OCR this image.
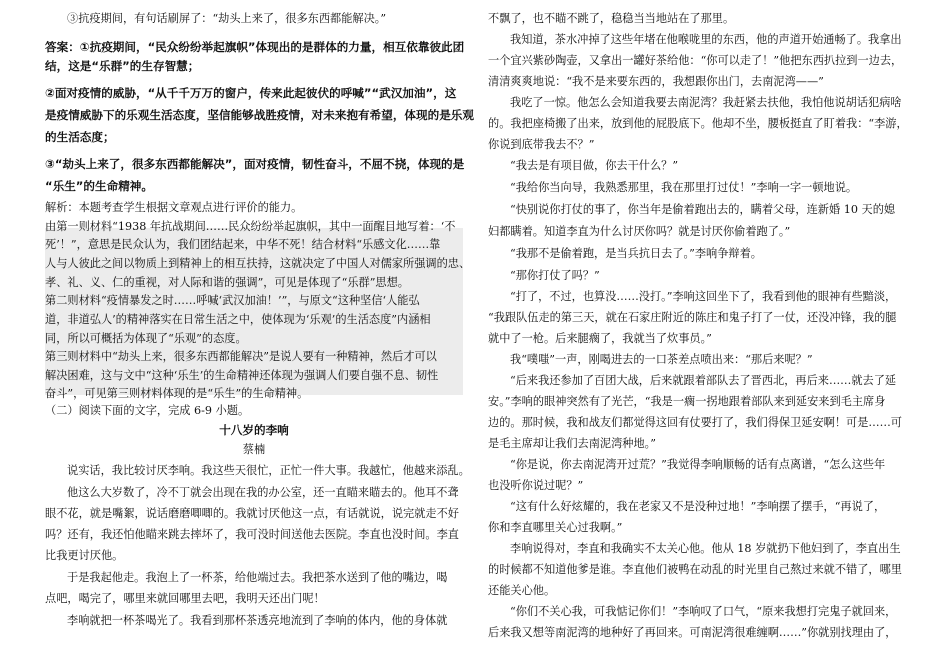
③抗疫期间，有句话刷屏了：“劫头上来了，很多东西都能解决。”
答案：①抗疫期间，“民众纷纷举起旗帜”体现出的是群体的力量，相互依靠彼此团
结，这是“乐群”的生存智慧；
②面对疫情的威胁，“从千千万万的窗户，传来此起彼伏的呼喊”“武汉加油”，这
是疫情威胁下的乐观生活态度，坚信能够战胜疫情，对未来抱有希望，体现的是乐观
的生活态度；
③“劫头上来了，很多东西都能解决”，面对疫情，韧性奋斗，不屈不挠，体现的是
“乐生”的生命精神。
解析：本题考查学生根据文章观点进行评价的能力。
由第一则材料“1938 年抗战期间……民众纷纷举起旗帜，其中一面醒目地写着：‘不
死’！”，意思是民众认为，我们团结起来，中华不死！结合材料“乐感文化……靠
人与人彼此之间以物质上到精神上的相互扶持，这就决定了中国人对儒家所强调的忠、
孝、礼、义、仁的重视，对人际和谐的强调”，可见是体现了“乐群”思想。
第二则材料“疫情暴发之时……呼喊‘武汉加油！’”，与原文“这种坚信‘人能弘
道，非道弘人’的精神落实在日常生活之中，使体现为‘乐观’的生活态度”内涵相
同，所以可概括为体现了“乐观”的态度。
第三则材料中“劫头上来，很多东西都能解决”是说人要有一种精神，然后才可以
解决困难，这与文中“这种‘乐生’的生命精神还体现为强调人们要自强不息、韧性
奋斗”，可见第三则材料体现的是“乐生”的生命精神。
（二）阅读下面的文字，完成 6-9 小题。
十八岁的李响
蔡楠
说实话，我比较讨厌李响。我这些天很忙，正忙一件大事。我越忙，他越来添乱。
他这么大岁数了，冷不丁就会出现在我的办公室，还一直瞄来瞄去的。他耳不聋
眼不花，就是嘴絮，说话磨磨唧唧的。我就讨厌他这一点，有话就说，说完就走不好
吗？还有，我还怕他瞄来跳去摔坏了，我可没时间送他去医院。李直也没时间。李直
比我更讨厌他。
于是我起他走。我泡上了一杯茶，给他端过去。我把茶水送到了他的嘴边，喝
点吧，喝完了，哪里来就回哪里去吧，我明天还出门呢！
李响就把一杯茶喝光了。我看到那杯茶透亮地流到了李响的体内，他的身体就
不飘了，也不瞄不跳了，稳稳当当地站在了那里。
我知道，茶水冲掉了这些年堵在他喉咙里的东西，他的声道开始通畅了。我拿出
一个宜兴紫砂陶壶，又拿出一罐好茶给他：“你可以走了！”他把东西扒拉到一边去，
清清爽爽地说：“我不是来要东西的，我想跟你出门，去南泥湾——”
我吃了一惊。他怎么会知道我要去南泥湾？我赶紧去扶他，我怕他说胡话犯病啥
的。我把座椅搬了出来，放到他的屁股底下。他却不坐，腰板挺直了盯着我：“李游，
你说到底带我去不？”
“我去是有项目做，你去干什么？”
“我给你当向导，我熟悉那里，我在那里打过仗！”李响一字一顿地说。
“快别说你打仗的事了，你当年是偷着跑出去的，瞒着父母，连新婚 10 天的媳
妇都瞒着。知道李直为什么讨厌你吗？就是讨厌你偷着跑了。”
“我那不是偷着跑，是当兵抗日去了。”李响争辩着。
“那你打仗了吗？”
“打了，不过，也算没……没打。”李响这回坐下了，我看到他的眼神有些黯淡，
“我跟队伍走的第三天，就在石家庄附近的陈庄和鬼子打了一仗，还没冲锋，我的腿
就中了一枪。后来腿瘸了，我就当了炊事员。”
我“噗嗤”一声，刚喝进去的一口茶差点喷出来：“那后来呢？”
“后来我还参加了百团大战，后来就跟着部队去了晋西北，再后来……就去了延
安。”李响的眼神突然有了光芒，“我是一瘸一拐地跟着部队来到延安来到毛主席身
边的。那时候，我和战友们都觉得这回有仗要打了，我们得保卫延安啊！可是……可
是毛主席却让我们去南泥湾种地。”
“你是说，你去南泥湾开过荒？”我觉得李响顺畅的话有点离谱，“怎么这些年
也没听你说过呢？”
“这有什么好炫耀的，我在老家又不是没种过地！”李响摆了摆手，“再说了，
你和李直哪里关心过我啊。”
李响说得对，李直和我确实不太关心他。他从 18 岁就扔下他妇到了，李直出生
的时候都不知道他爹是谁。李直他们被鸭在动乱的时光里自己熬过来就不错了，哪里
还能关心他。
“你们不关心我，可我惦记你们！”李响叹了口气，“原来我想打完鬼子就回来，
后来我又想等南泥湾的地种好了再回来。可南泥湾很难缠啊……”你就别找理由了，
